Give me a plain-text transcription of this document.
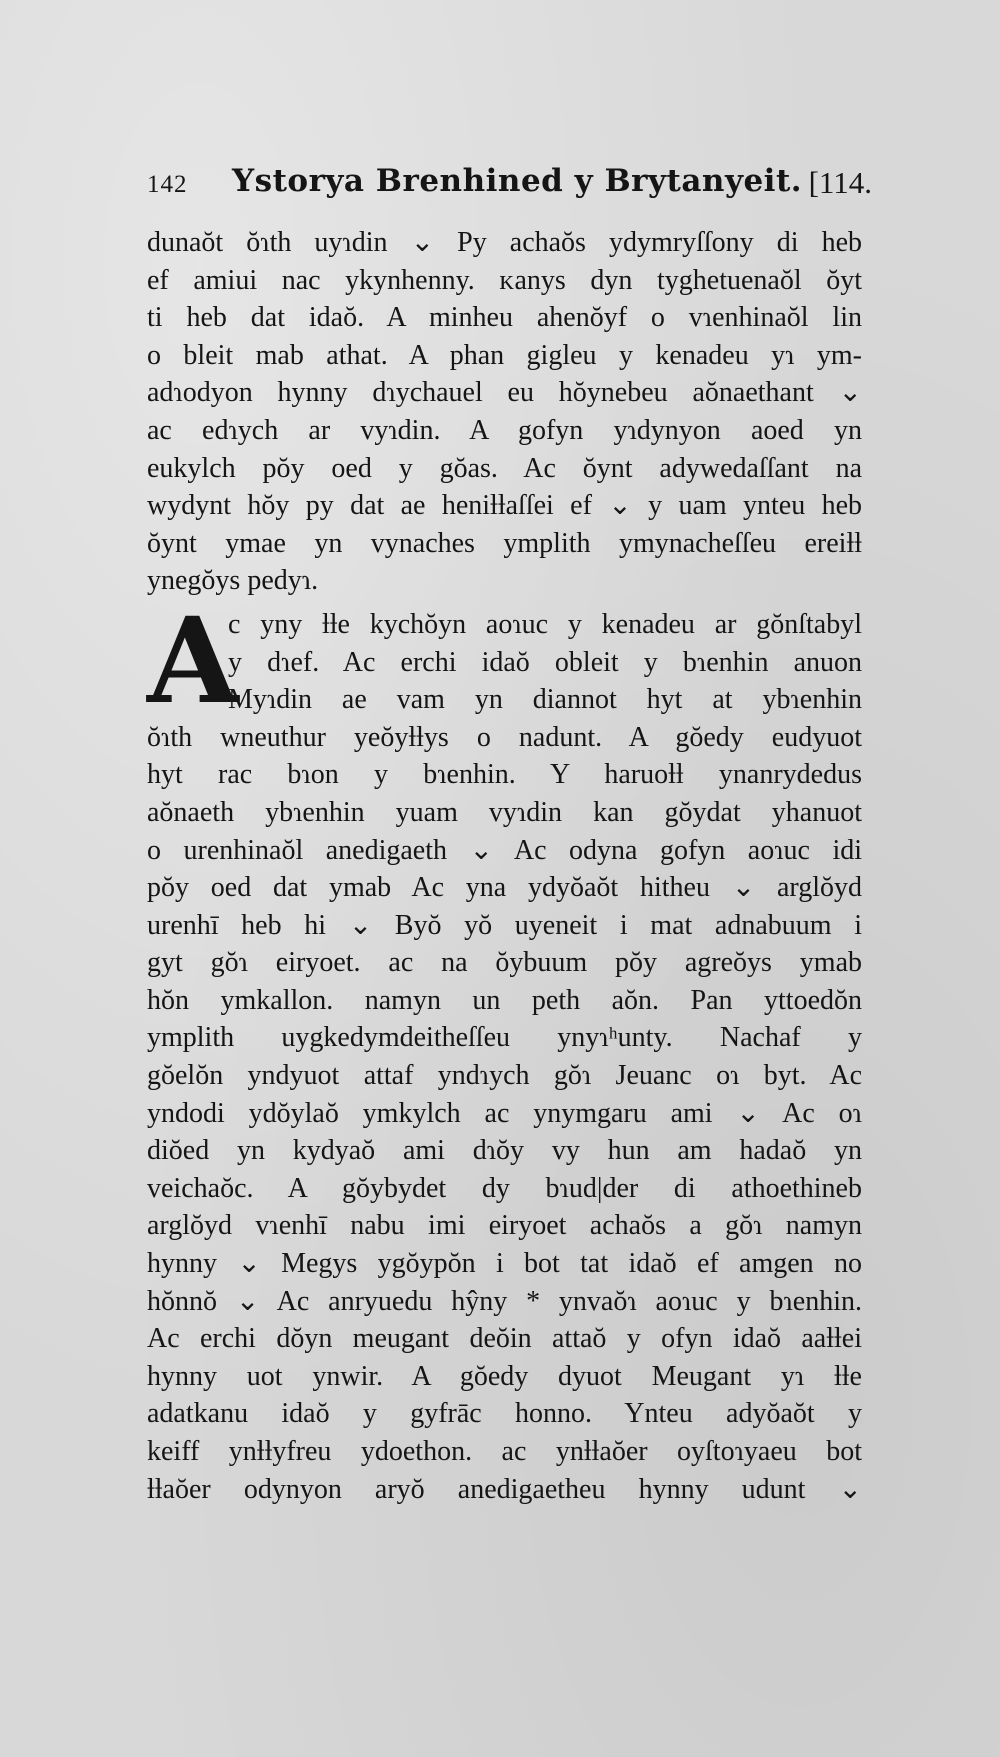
142 Ystorya Brenhined y Brytanyeit. [114.
dunaŏt ŏɿth uyɿdin ⌄ Py achaŏs ydymryſſony di heb
ef amiui nac ykynhenny. ᴋanys dyn tyghetuenaŏl ŏyt
ti heb dat idaŏ. A minheu ahenŏyf o vɿenhinaŏl lin
o bleit mab athat. A phan gigleu y kenadeu yɿ ym-
adɿodyon hynny dɿychauel eu hŏynebeu aŏnaethant ⌄
ac edɿych ar vyɿdin. A gofyn yɿdynyon aoed yn
eukylch pŏy oed y gŏas. Ac ŏynt adywedaſſant na
wydynt hŏy py dat ae heniƚƚaſſei ef ⌄ y uam ynteu heb
ŏynt ymae yn vynaches ymplith ymynacheſſeu ereiƚƚ
ynegŏys pedyɿ.
c yny ƚƚe kychŏyn aoɿuc y kenadeu ar gŏnſtabyl
y dɿef. Ac erchi idaŏ obleit y bɿenhin anuon
Myɿdin ae vam yn diannot hyt at ybɿenhin
ŏɿth wneuthur yeŏyƚƚys o nadunt. A gŏedy eudyuot
hyt rac bɿon y bɿenhin. Y haruoƚƚ ynanrydedus
aŏnaeth ybɿenhin yuam vyɿdin kan gŏydat yhanuot
o urenhinaŏl anedigaeth ⌄ Ac odyna gofyn aoɿuc idi
pŏy oed dat ymab Ac yna ydyŏaŏt hitheu ⌄ arglŏyd
urenhī heb hi ⌄ Byŏ yŏ uyeneit i mat adnabuum i
gyt gŏɿ eiryoet. ac na ŏybuum pŏy agreŏys ymab
hŏn ymkallon. namyn un peth aŏn. Pan yttoedŏn
ymplith uygkedymdeitheſſeu ynyɿʰunty. Nachaf y
gŏelŏn yndyuot attaf yndɿych gŏɿ Jeuanc oɿ byt. Ac
yndodi ydŏylaŏ ymkylch ac ynymgaru ami ⌄ Ac oɿ
diŏed yn kydyaŏ ami dɿŏy vy hun am hadaŏ yn
veichaŏc. A gŏybydet dy bɿud|der di athoethineb
arglŏyd vɿenhī nabu imi eiryoet achaŏs a gŏɿ namyn
hynny ⌄ Megys ygŏypŏn i bot tat idaŏ ef amgen no
hŏnnŏ ⌄ Ac anryuedu hŷny * ynvaŏɿ aoɿuc y bɿenhin.
Ac erchi dŏyn meugant deŏin attaŏ y ofyn idaŏ aaƚƚei
hynny uot ynwir. A gŏedy dyuot Meugant yɿ ƚƚe
adatkanu idaŏ y gyfrāc honno. Ynteu adyŏaŏt y
keiff ynƚƚyfreu ydoethon. ac ynƚƚaŏer oyſtoɿyaeu bot
ƚƚaŏer odynyon aryŏ anedigaetheu hynny udunt ⌄
A
